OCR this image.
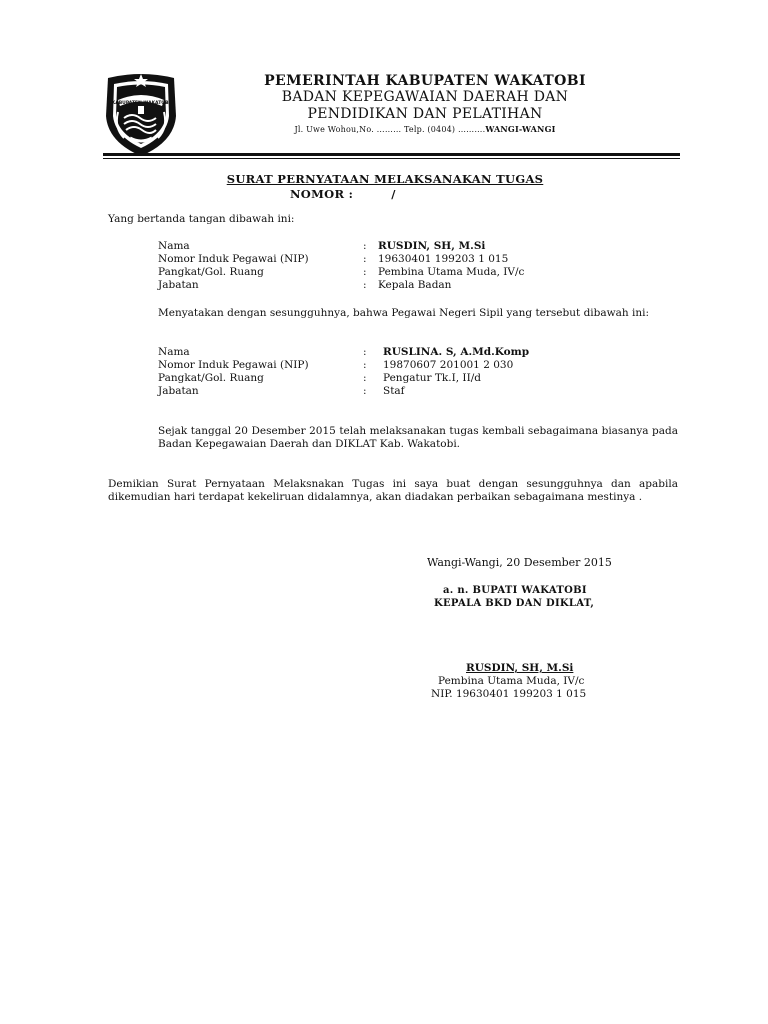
KABUPATEN WAKATOBI
PEMERINTAH KABUPATEN WAKATOBI
BADAN KEPEGAWAIAN DAERAH DAN
PENDIDIKAN DAN PELATIHAN
Jl. Uwe Wohou,No. ……… Telp. (0404) ……….WANGI-WANGI
SURAT PERNYATAAN MELAKSANAKAN TUGAS
NOMOR :	/
Yang bertanda tangan dibawah ini:
Nama	: RUSDIN, SH, M.Si
Nomor Induk Pegawai (NIP)	: 19630401 199203 1 015
Pangkat/Gol. Ruang	: Pembina Utama Muda, IV/c
Jabatan	: Kepala Badan
Menyatakan dengan sesungguhnya, bahwa Pegawai Negeri Sipil yang tersebut dibawah ini:
Nama	: RUSLINA. S, A.Md.Komp
Nomor Induk Pegawai (NIP)	: 19870607 201001 2 030
Pangkat/Gol. Ruang	: Pengatur Tk.I, II/d
Jabatan	: Staf
Sejak tanggal 20 Desember 2015 telah melaksanakan tugas kembali sebagaimana biasanya pada Badan Kepegawaian Daerah dan DIKLAT Kab. Wakatobi.
Demikian Surat Pernyataan Melaksnakan Tugas ini saya buat dengan sesungguhnya dan apabila dikemudian hari terdapat kekeliruan didalamnya, akan diadakan perbaikan sebagaimana mestinya .
Wangi-Wangi, 20 Desember 2015
a. n. BUPATI WAKATOBI
KEPALA BKD DAN DIKLAT,
RUSDIN, SH, M.Si
Pembina Utama Muda, IV/c
NIP. 19630401 199203 1 015
